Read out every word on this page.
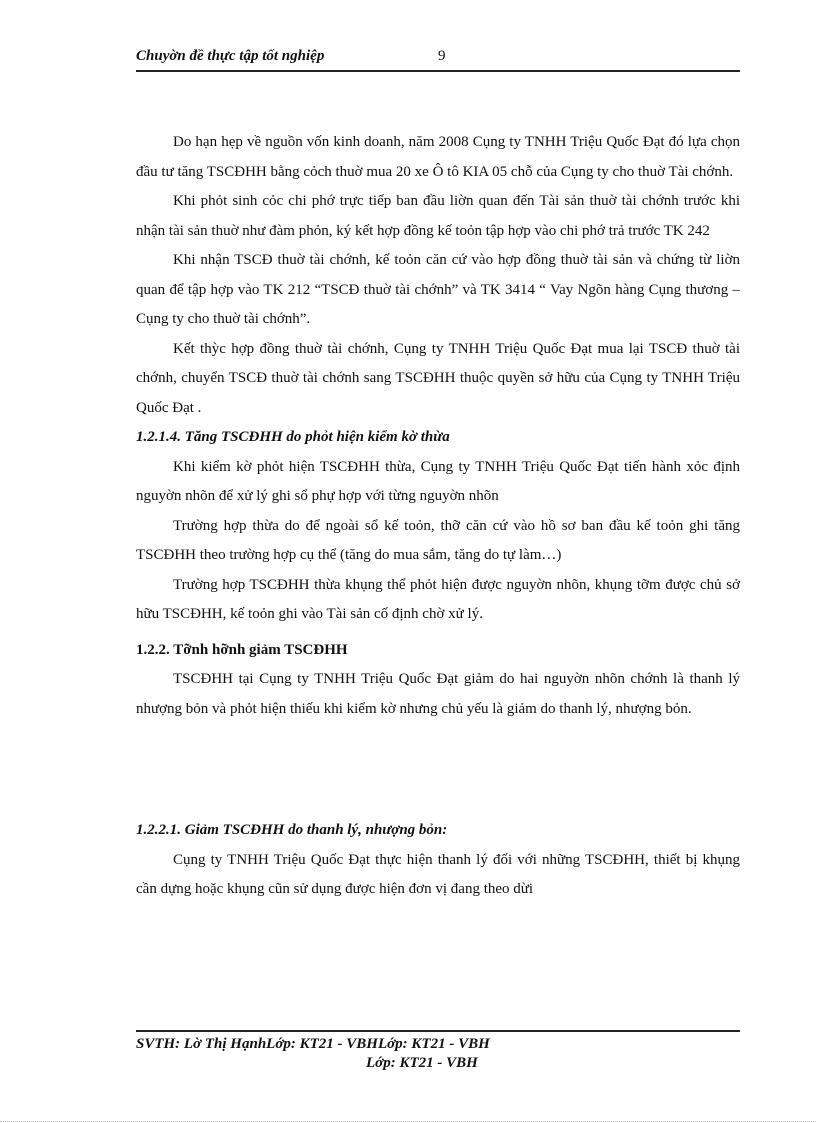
Chuyờn đề thực tập tốt nghiệp	9

Do hạn hẹp về nguồn vốn kinh doanh, năm 2008 Cụng ty TNHH Triệu Quốc Đạt đó lựa chọn đầu tư tăng TSCĐHH bằng cỏch thuờ mua 20 xe Ô tô KIA 05 chỗ của Cụng ty cho thuờ Tài chớnh.

Khi phỏt sinh cỏc chi phớ trực tiếp ban đầu liờn quan đến Tài sản thuờ tài chớnh trước khi nhận tài sản thuờ như đàm phỏn, ký kết hợp đồng kế toỏn tập hợp vào chi phớ trả trước TK 242

Khi nhận TSCĐ thuờ tài chớnh, kế toỏn căn cứ vào hợp đồng thuờ tài sản và chứng từ liờn quan để tập hợp vào TK 212 “TSCĐ thuờ tài chớnh” và TK 3414 “ Vay Ngõn hàng Cụng thương – Cụng ty cho thuờ tài chớnh”.

Kết thỳc hợp đồng thuờ tài chớnh, Cụng ty TNHH Triệu Quốc Đạt mua lại TSCĐ thuờ tài chớnh, chuyển TSCĐ thuờ tài chớnh sang TSCĐHH thuộc quyền sở hữu của Cụng ty TNHH Triệu Quốc Đạt .

1.2.1.4. Tăng TSCĐHH do phỏt hiện kiểm kờ thừa

Khi kiểm kờ phỏt hiện TSCĐHH thừa, Cụng ty TNHH Triệu Quốc Đạt tiến hành xỏc định nguyờn nhõn để xử lý ghi sổ phự hợp với từng nguyờn nhõn

Trường hợp thừa do để ngoài sổ kế toỏn, thỡ căn cứ vào hồ sơ ban đầu kế toỏn ghi tăng TSCĐHH theo trường hợp cụ thể (tăng do mua sắm, tăng do tự làm…)

Trường hợp TSCĐHH thừa khụng thể phỏt hiện được nguyờn nhõn, khụng tỡm được chủ sở hữu TSCĐHH, kế toỏn ghi vào Tài sản cố định chờ xử lý.

1.2.2. Tỡnh hỡnh giảm TSCĐHH

TSCĐHH tại Cụng ty TNHH Triệu Quốc Đạt giảm do hai nguyờn nhõn chớnh là thanh lý nhượng bỏn và phỏt hiện thiếu khi kiểm kờ nhưng chủ yếu là giảm do thanh lý, nhượng bỏn.

1.2.2.1. Giảm TSCĐHH do thanh lý, nhượng bỏn:

Cụng ty TNHH Triệu Quốc Đạt thực hiện thanh lý đối với những TSCĐHH, thiết bị khụng cần dựng hoặc khụng cũn sử dụng được hiện đơn vị đang theo dừi

SVTH: Lờ Thị HạnhLớp: KT21 - VBHLớp: KT21 - VBH
Lớp: KT21 - VBH
